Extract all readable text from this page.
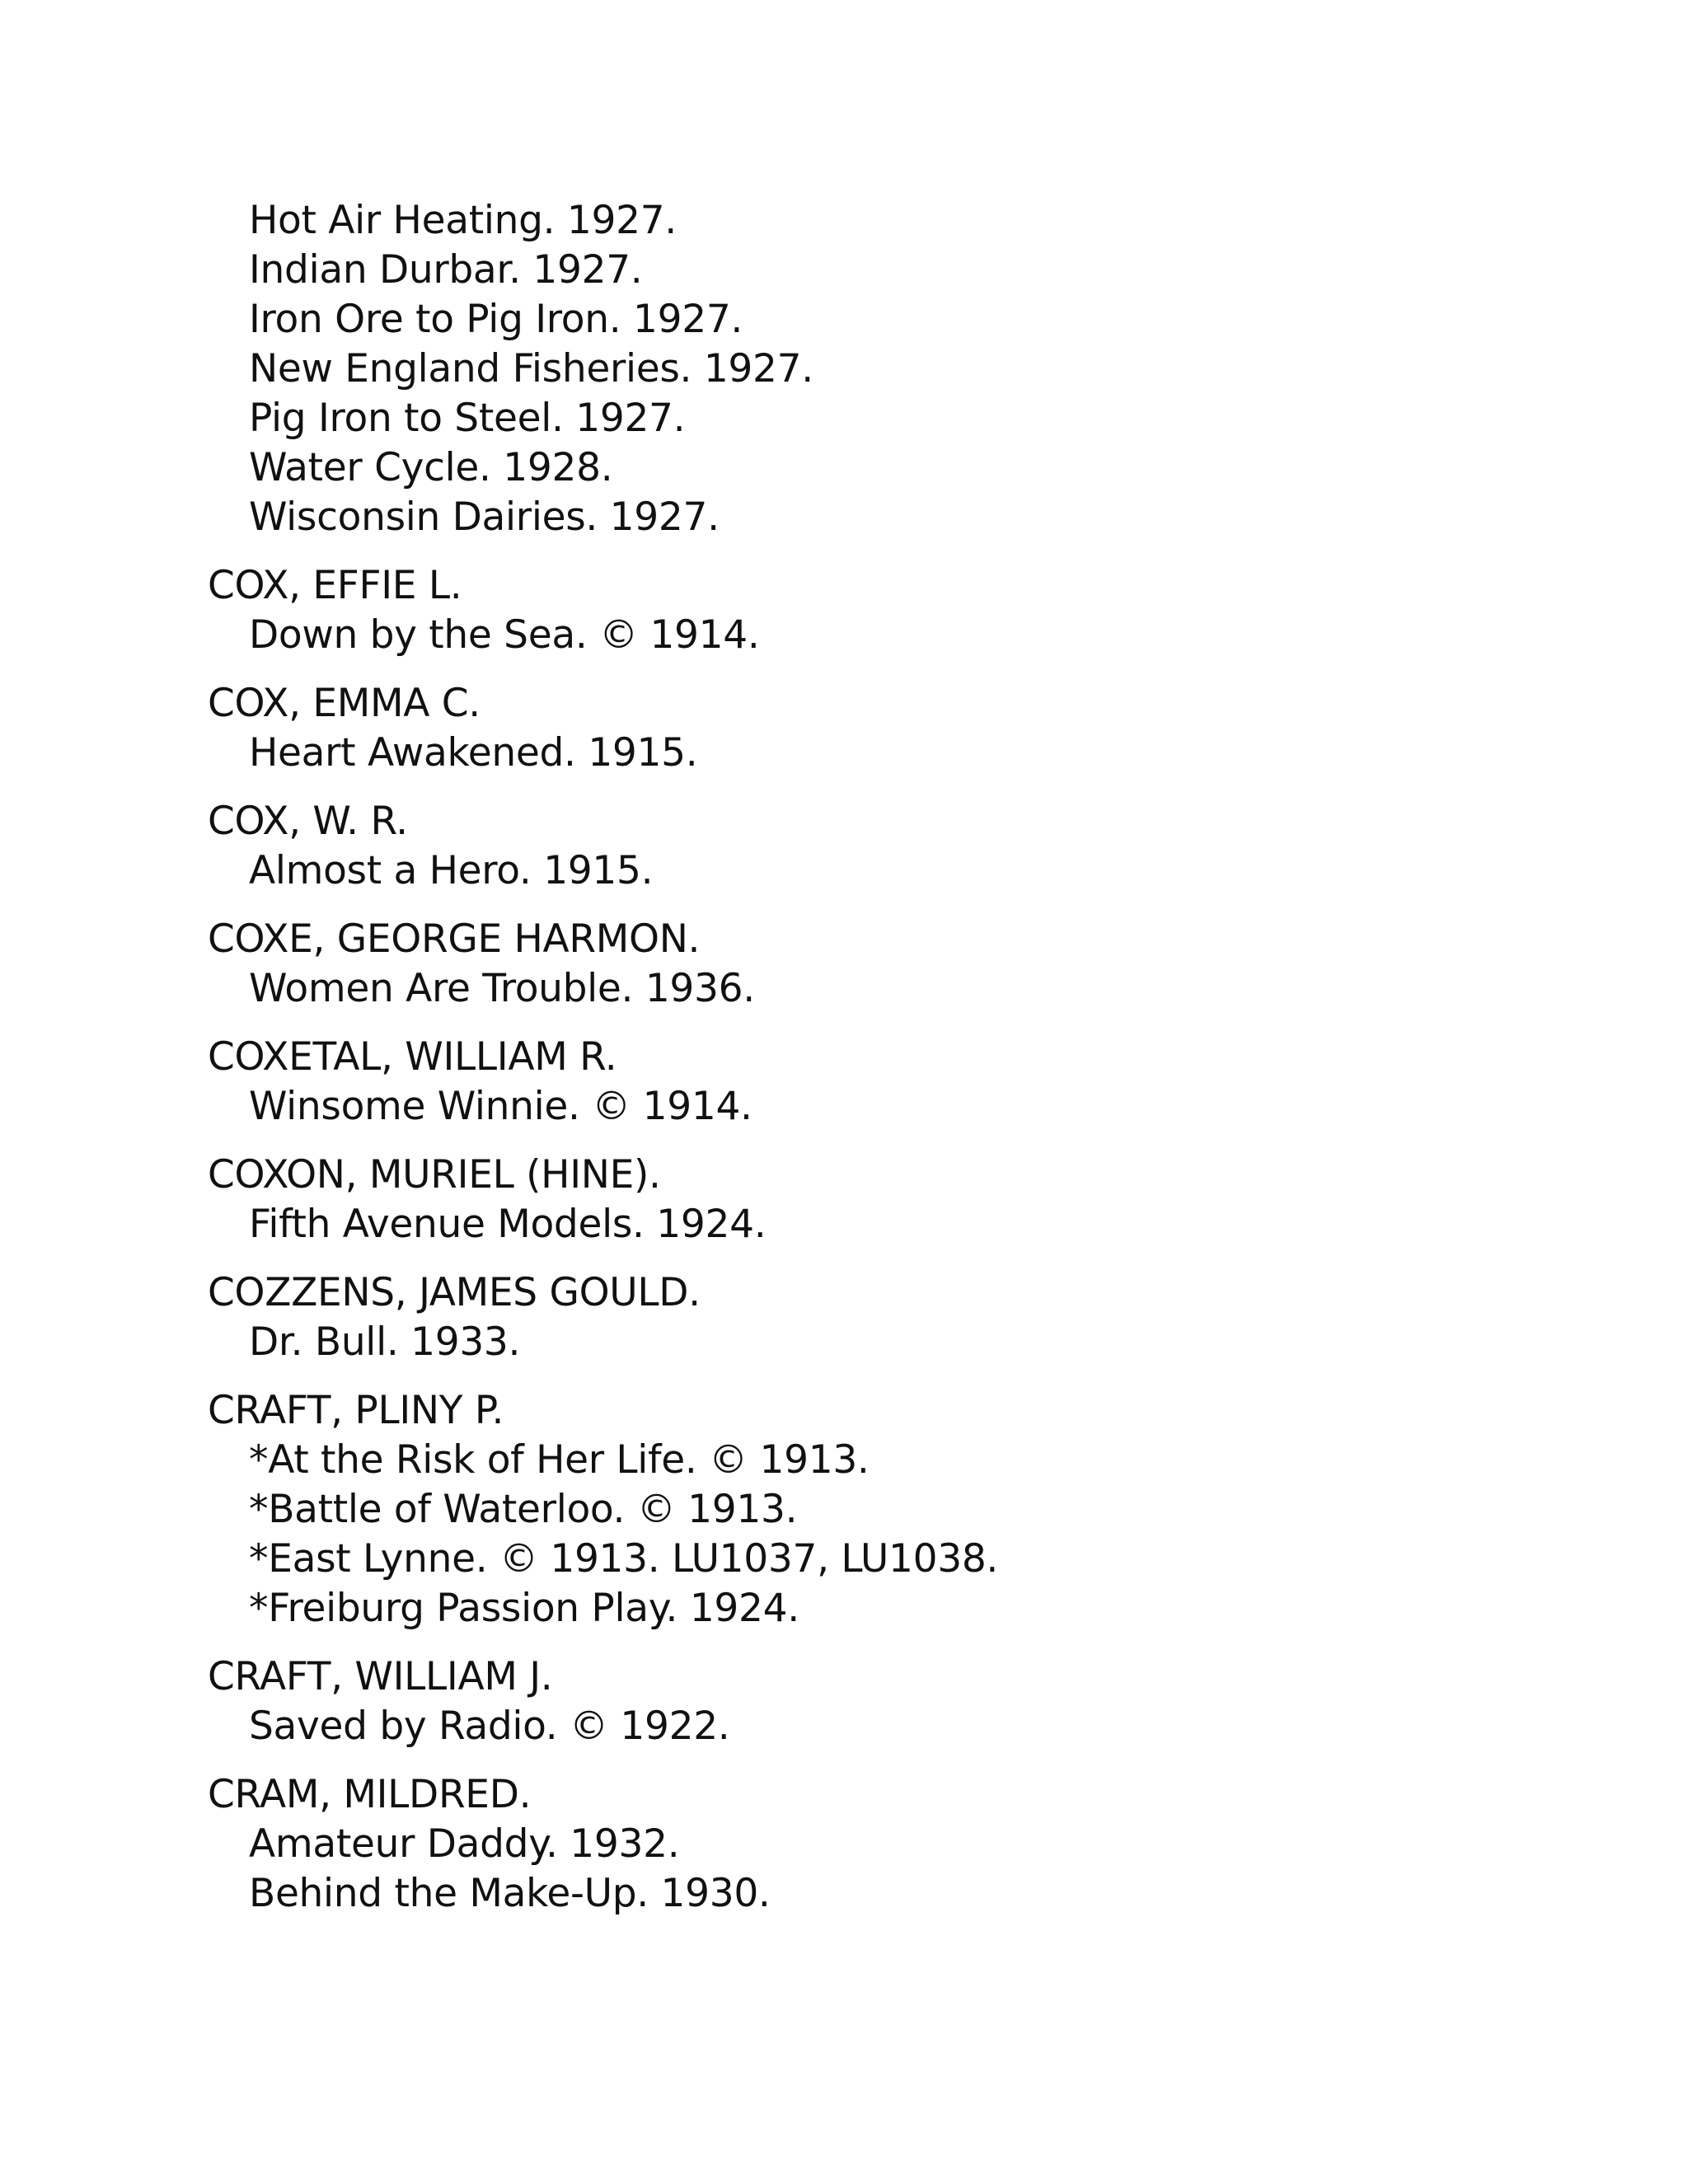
Hot Air Heating. 1927.
Indian Durbar. 1927.
Iron Ore to Pig Iron. 1927.
New England Fisheries. 1927.
Pig Iron to Steel. 1927.
Water Cycle. 1928.
Wisconsin Dairies. 1927.
COX, EFFIE L.
Down by the Sea. © 1914.
COX, EMMA C.
Heart Awakened. 1915.
COX, W. R.
Almost a Hero. 1915.
COXE, GEORGE HARMON.
Women Are Trouble. 1936.
COXETAL, WILLIAM R.
Winsome Winnie. © 1914.
COXON, MURIEL (HINE).
Fifth Avenue Models. 1924.
COZZENS, JAMES GOULD.
Dr. Bull. 1933.
CRAFT, PLINY P.
*At the Risk of Her Life. © 1913.
*Battle of Waterloo. © 1913.
*East Lynne. © 1913. LU1037, LU1038.
*Freiburg Passion Play. 1924.
CRAFT, WILLIAM J.
Saved by Radio. © 1922.
CRAM, MILDRED.
Amateur Daddy. 1932.
Behind the Make-Up. 1930.
